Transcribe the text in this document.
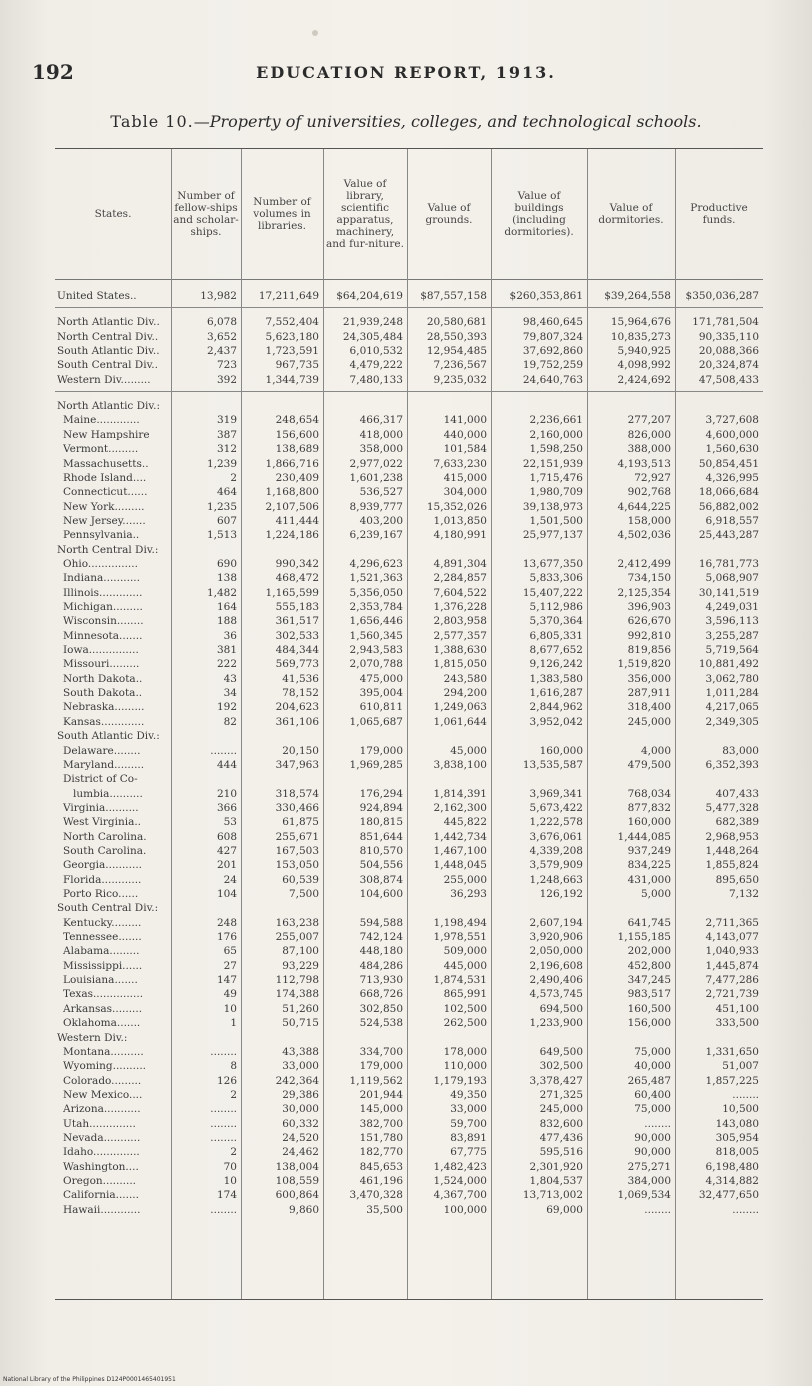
192	EDUCATION REPORT, 1913.
Table 10.—Property of universities, colleges, and technological schools.
States.
Number of fellow-ships and scholar-ships.
Number of volumes in libraries.
Value of library, scientific apparatus, machinery, and fur-niture.
Value of grounds.
Value of buildings (including dormitories).
Value of dormitories.
Productive funds.
United States..	13,982	17,211,649	$64,204,619	$87,557,158	$260,353,861	$39,264,558	$350,036,287
North Atlantic Div..	6,078	7,552,404	21,939,248	20,580,681	98,460,645	15,964,676	171,781,504
North Central Div..	3,652	5,623,180	24,305,484	28,550,393	79,807,324	10,835,273	90,335,110
South Atlantic Div..	2,437	1,723,591	6,010,532	12,954,485	37,692,860	5,940,925	20,088,366
South Central Div..	723	967,735	4,479,222	7,236,567	19,752,259	4,098,992	20,324,874
Western Div.........	392	1,344,739	7,480,133	9,235,032	24,640,763	2,424,692	47,508,433
North Atlantic Div.:
Maine.............	319	248,654	466,317	141,000	2,236,661	277,207	3,727,608
New Hampshire	387	156,600	418,000	440,000	2,160,000	826,000	4,600,000
Vermont.........	312	138,689	358,000	101,584	1,598,250	388,000	1,560,630
Massachusetts..	1,239	1,866,716	2,977,022	7,633,230	22,151,939	4,193,513	50,854,451
Rhode Island....	2	230,409	1,601,238	415,000	1,715,476	72,927	4,326,995
Connecticut......	464	1,168,800	536,527	304,000	1,980,709	902,768	18,066,684
New York.........	1,235	2,107,506	8,939,777	15,352,026	39,138,973	4,644,225	56,882,002
New Jersey.......	607	411,444	403,200	1,013,850	1,501,500	158,000	6,918,557
Pennsylvania..	1,513	1,224,186	6,239,167	4,180,991	25,977,137	4,502,036	25,443,287
North Central Div.:
Ohio...............	690	990,342	4,296,623	4,891,304	13,677,350	2,412,499	16,781,773
Indiana...........	138	468,472	1,521,363	2,284,857	5,833,306	734,150	5,068,907
Illinois.............	1,482	1,165,599	5,356,050	7,604,522	15,407,222	2,125,354	30,141,519
Michigan.........	164	555,183	2,353,784	1,376,228	5,112,986	396,903	4,249,031
Wisconsin........	188	361,517	1,656,446	2,803,958	5,370,364	626,670	3,596,113
Minnesota.......	36	302,533	1,560,345	2,577,357	6,805,331	992,810	3,255,287
Iowa...............	381	484,344	2,943,583	1,388,630	8,677,652	819,856	5,719,564
Missouri.........	222	569,773	2,070,788	1,815,050	9,126,242	1,519,820	10,881,492
North Dakota..	43	41,536	475,000	243,580	1,383,580	356,000	3,062,780
South Dakota..	34	78,152	395,004	294,200	1,616,287	287,911	1,011,284
Nebraska.........	192	204,623	610,811	1,249,063	2,844,962	318,400	4,217,065
Kansas.............	82	361,106	1,065,687	1,061,644	3,952,042	245,000	2,349,305
South Atlantic Div.:
Delaware........	........	20,150	179,000	45,000	160,000	4,000	83,000
Maryland.........	444	347,963	1,969,285	3,838,100	13,535,587	479,500	6,352,393
District of Co-
lumbia..........	210	318,574	176,294	1,814,391	3,969,341	768,034	407,433
Virginia..........	366	330,466	924,894	2,162,300	5,673,422	877,832	5,477,328
West Virginia..	53	61,875	180,815	445,822	1,222,578	160,000	682,389
North Carolina.	608	255,671	851,644	1,442,734	3,676,061	1,444,085	2,968,953
South Carolina.	427	167,503	810,570	1,467,100	4,339,208	937,249	1,448,264
Georgia...........	201	153,050	504,556	1,448,045	3,579,909	834,225	1,855,824
Florida............	24	60,539	308,874	255,000	1,248,663	431,000	895,650
Porto Rico......	104	7,500	104,600	36,293	126,192	5,000	7,132
South Central Div.:
Kentucky.........	248	163,238	594,588	1,198,494	2,607,194	641,745	2,711,365
Tennessee.......	176	255,007	742,124	1,978,551	3,920,906	1,155,185	4,143,077
Alabama.........	65	87,100	448,180	509,000	2,050,000	202,000	1,040,933
Mississippi......	27	93,229	484,286	445,000	2,196,608	452,800	1,445,874
Louisiana.......	147	112,798	713,930	1,874,531	2,490,406	347,245	7,477,286
Texas...............	49	174,388	668,726	865,991	4,573,745	983,517	2,721,739
Arkansas.........	10	51,260	302,850	102,500	694,500	160,500	451,100
Oklahoma.......	1	50,715	524,538	262,500	1,233,900	156,000	333,500
Western Div.:
Montana..........	........	43,388	334,700	178,000	649,500	75,000	1,331,650
Wyoming..........	8	33,000	179,000	110,000	302,500	40,000	51,007
Colorado.........	126	242,364	1,119,562	1,179,193	3,378,427	265,487	1,857,225
New Mexico....	2	29,386	201,944	49,350	271,325	60,400	........
Arizona...........	........	30,000	145,000	33,000	245,000	75,000	10,500
Utah..............	........	60,332	382,700	59,700	832,600	........	143,080
Nevada...........	........	24,520	151,780	83,891	477,436	90,000	305,954
Idaho..............	2	24,462	182,770	67,775	595,516	90,000	818,005
Washington....	70	138,004	845,653	1,482,423	2,301,920	275,271	6,198,480
Oregon..........	10	108,559	461,196	1,524,000	1,804,537	384,000	4,314,882
California.......	174	600,864	3,470,328	4,367,700	13,713,002	1,069,534	32,477,650
Hawaii............	........	9,860	35,500	100,000	69,000	........	........
National Library of the Philippines D124P0001465401951
